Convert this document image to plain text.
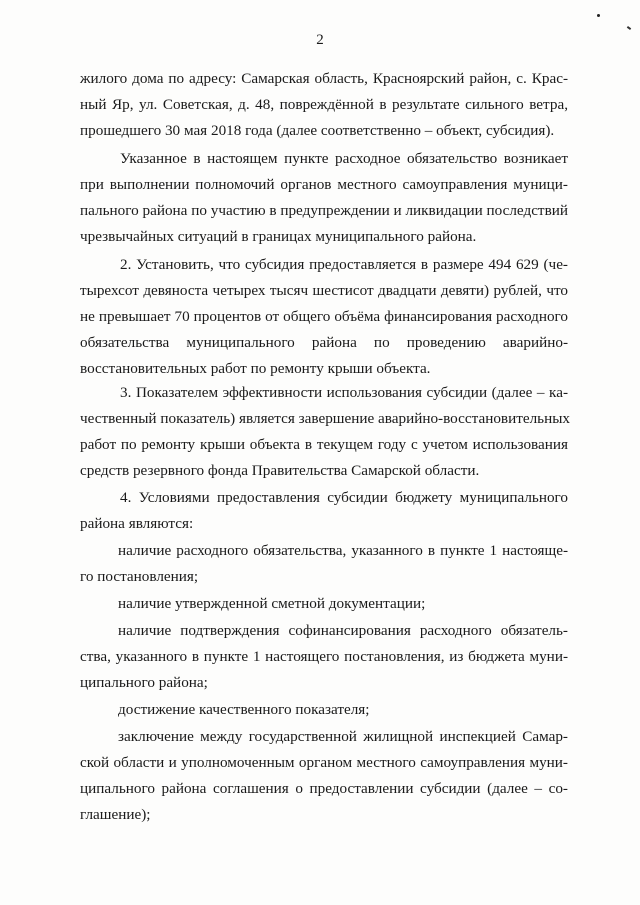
2
жилого дома по адресу: Самарская область, Красноярский район, с. Крас-
ный Яр, ул. Советская, д. 48, повреждённой в результате сильного ветра,
прошедшего 30 мая 2018 года (далее соответственно – объект, субсидия).
Указанное в настоящем пункте расходное обязательство возникает
при выполнении полномочий органов местного самоуправления муници-
пального района по участию в предупреждении и ликвидации последствий
чрезвычайных ситуаций в границах муниципального района.
2. Установить, что субсидия предоставляется в размере 494 629 (че-
тырехсот девяноста четырех тысяч шестисот двадцати девяти) рублей, что
не превышает 70 процентов от общего объёма финансирования расходного
обязательства муниципального района по проведению аварийно-
восстановительных работ по ремонту крыши объекта.
3. Показателем эффективности использования субсидии (далее – ка-
чественный показатель) является завершение аварийно-восстановительных
работ по ремонту крыши объекта в текущем году с учетом использования
средств резервного фонда Правительства Самарской области.
4. Условиями предоставления субсидии бюджету муниципального
района являются:
наличие расходного обязательства, указанного в пункте 1 настояще-
го постановления;
наличие утвержденной сметной документации;
наличие подтверждения софинансирования расходного обязатель-
ства, указанного в пункте 1 настоящего постановления, из бюджета муни-
ципального района;
достижение качественного показателя;
заключение между государственной жилищной инспекцией Самар-
ской области и уполномоченным органом местного самоуправления муни-
ципального района соглашения о предоставлении субсидии (далее – со-
глашение);
